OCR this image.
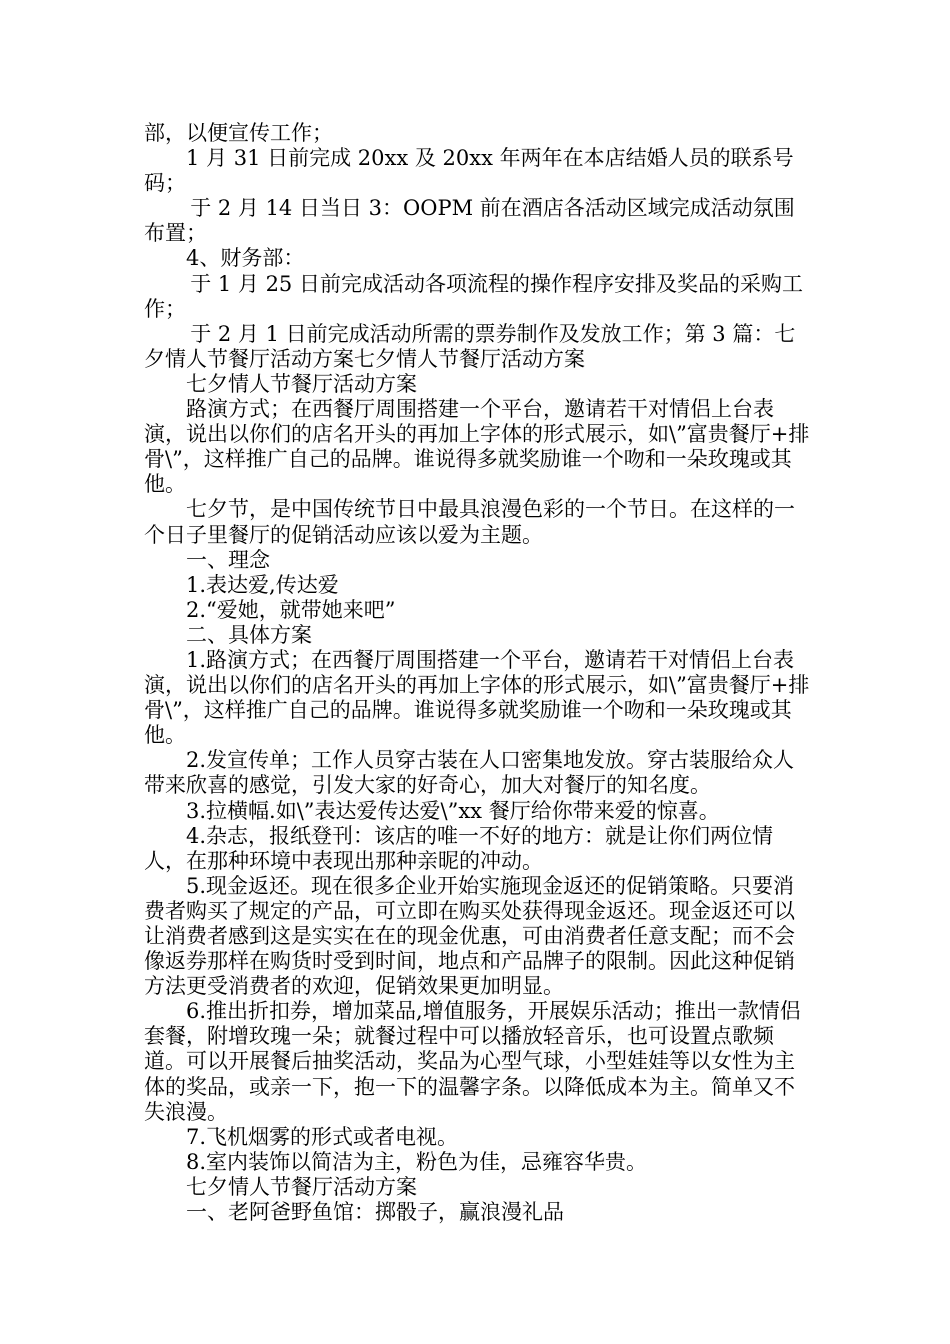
部，以便宣传工作；

1 月 31 日前完成 20xx 及 20xx 年两年在本店结婚人员的联系号码；

于 2 月 14 日当日 3：OOPM 前在酒店各活动区域完成活动氛围布置；

4、财务部：

于 1 月 25 日前完成活动各项流程的操作程序安排及奖品的采购工作；

于 2 月 1 日前完成活动所需的票券制作及发放工作；第 3 篇：七夕情人节餐厅活动方案七夕情人节餐厅活动方案

七夕情人节餐厅活动方案

路演方式；在西餐厅周围搭建一个平台，邀请若干对情侣上台表演，说出以你们的店名开头的再加上字体的形式展示，如\”富贵餐厅+排骨\”，这样推广自己的品牌。谁说得多就奖励谁一个吻和一朵玫瑰或其他。

七夕节，是中国传统节日中最具浪漫色彩的一个节日。在这样的一个日子里餐厅的促销活动应该以爱为主题。

一、理念

1.表达爱,传达爱

2.“爱她，就带她来吧”

二、具体方案

1.路演方式；在西餐厅周围搭建一个平台，邀请若干对情侣上台表演，说出以你们的店名开头的再加上字体的形式展示，如\”富贵餐厅+排骨\”，这样推广自己的品牌。谁说得多就奖励谁一个吻和一朵玫瑰或其他。

2.发宣传单；工作人员穿古装在人口密集地发放。穿古装服给众人带来欣喜的感觉，引发大家的好奇心，加大对餐厅的知名度。

3.拉横幅.如\”表达爱传达爱\”xx 餐厅给你带来爱的惊喜。

4.杂志，报纸登刊：该店的唯一不好的地方：就是让你们两位情人，在那种环境中表现出那种亲昵的冲动。

5.现金返还。现在很多企业开始实施现金返还的促销策略。只要消费者购买了规定的产品，可立即在购买处获得现金返还。现金返还可以让消费者感到这是实实在在的现金优惠，可由消费者任意支配；而不会像返券那样在购货时受到时间，地点和产品牌子的限制。因此这种促销方法更受消费者的欢迎，促销效果更加明显。

6.推出折扣券，增加菜品,增值服务，开展娱乐活动；推出一款情侣套餐，附增玫瑰一朵；就餐过程中可以播放轻音乐，也可设置点歌频道。可以开展餐后抽奖活动，奖品为心型气球，小型娃娃等以女性为主体的奖品，或亲一下，抱一下的温馨字条。以降低成本为主。简单又不失浪漫。

7.飞机烟雾的形式或者电视。

8.室内装饰以简洁为主，粉色为佳，忌雍容华贵。

七夕情人节餐厅活动方案

一、老阿爸野鱼馆：掷骰子，赢浪漫礼品
